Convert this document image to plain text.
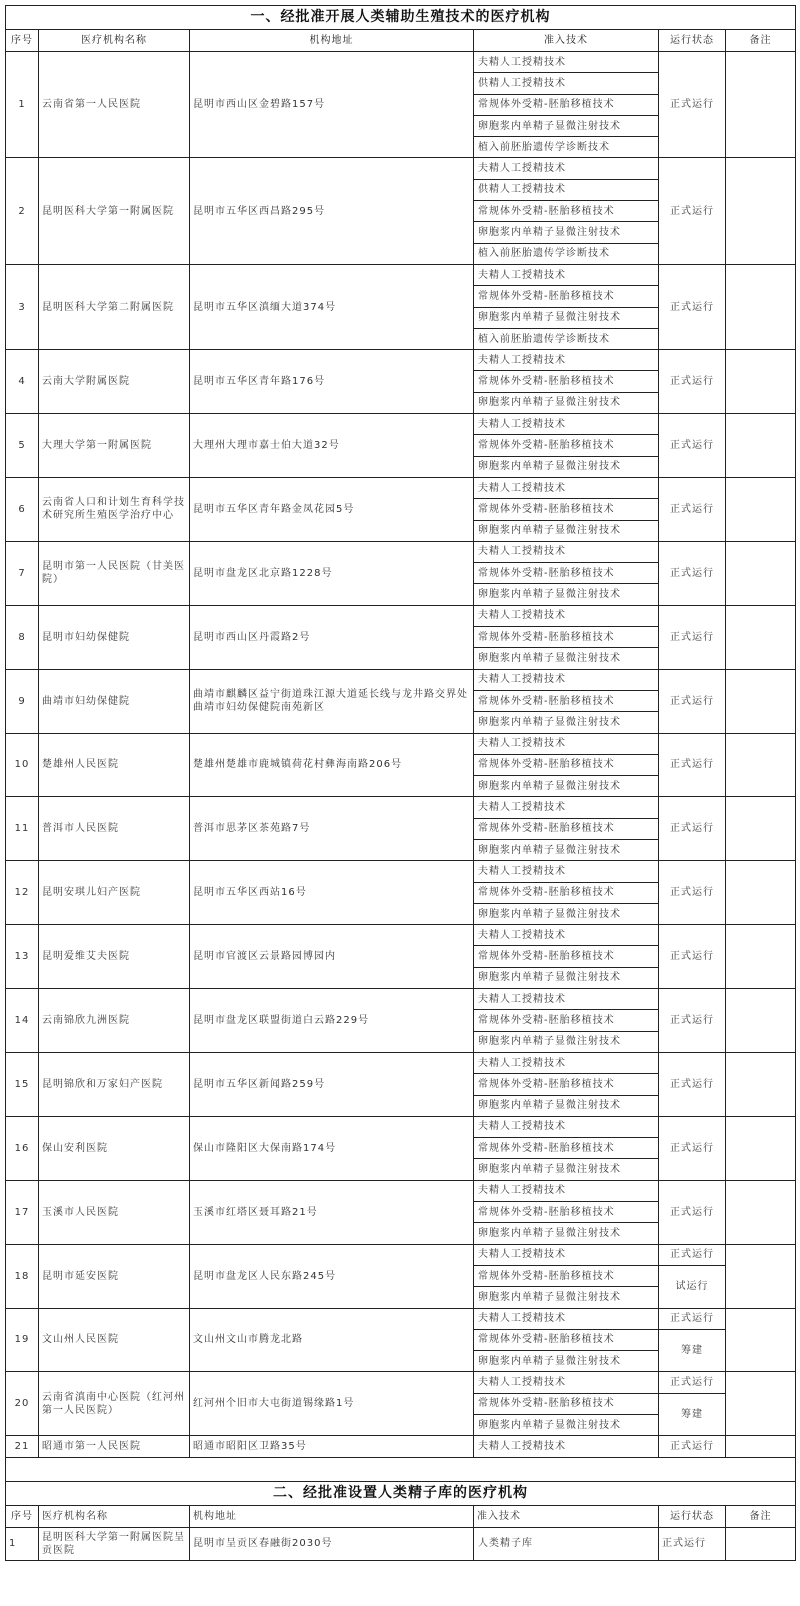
一、经批准开展人类辅助生殖技术的医疗机构					
序号	医疗机构名称	机构地址	准入技术	运行状态	备注
1	云南省第一人民医院	昆明市西山区金碧路157号	夫精人工授精技术	正式运行	
			供精人工授精技术		
			常规体外受精-胚胎移植技术		
			卵胞浆内单精子显微注射技术		
			植入前胚胎遗传学诊断技术		
2	昆明医科大学第一附属医院	昆明市五华区西昌路295号	夫精人工授精技术	正式运行	
			供精人工授精技术		
			常规体外受精-胚胎移植技术		
			卵胞浆内单精子显微注射技术		
			植入前胚胎遗传学诊断技术		
3	昆明医科大学第二附属医院	昆明市五华区滇缅大道374号	夫精人工授精技术	正式运行	
			常规体外受精-胚胎移植技术		
			卵胞浆内单精子显微注射技术		
			植入前胚胎遗传学诊断技术		
4	云南大学附属医院	昆明市五华区青年路176号	夫精人工授精技术	正式运行	
			常规体外受精-胚胎移植技术		
			卵胞浆内单精子显微注射技术		
5	大理大学第一附属医院	大理州大理市嘉士伯大道32号	夫精人工授精技术	正式运行	
			常规体外受精-胚胎移植技术		
			卵胞浆内单精子显微注射技术		
6	云南省人口和计划生育科学技术研究所生殖医学治疗中心	昆明市五华区青年路金凤花园5号	夫精人工授精技术	正式运行	
			常规体外受精-胚胎移植技术		
			卵胞浆内单精子显微注射技术		
7	昆明市第一人民医院（甘美医院）	昆明市盘龙区北京路1228号	夫精人工授精技术	正式运行	
			常规体外受精-胚胎移植技术		
			卵胞浆内单精子显微注射技术		
8	昆明市妇幼保健院	昆明市西山区丹霞路2号	夫精人工授精技术	正式运行	
			常规体外受精-胚胎移植技术		
			卵胞浆内单精子显微注射技术		
9	曲靖市妇幼保健院	曲靖市麒麟区益宁街道珠江源大道延长线与龙井路交界处 曲靖市妇幼保健院南苑新区	夫精人工授精技术	正式运行	
			常规体外受精-胚胎移植技术		
			卵胞浆内单精子显微注射技术		
10	楚雄州人民医院	楚雄州楚雄市鹿城镇荷花村彝海南路206号	夫精人工授精技术	正式运行	
			常规体外受精-胚胎移植技术		
			卵胞浆内单精子显微注射技术		
11	普洱市人民医院	普洱市思茅区茶苑路7号	夫精人工授精技术	正式运行	
			常规体外受精-胚胎移植技术		
			卵胞浆内单精子显微注射技术		
12	昆明安琪儿妇产医院	昆明市五华区西站16号	夫精人工授精技术	正式运行	
			常规体外受精-胚胎移植技术		
			卵胞浆内单精子显微注射技术		
13	昆明爱维艾夫医院	昆明市官渡区云景路园博园内	夫精人工授精技术	正式运行	
			常规体外受精-胚胎移植技术		
			卵胞浆内单精子显微注射技术		
14	云南锦欣九洲医院	昆明市盘龙区联盟街道白云路229号	夫精人工授精技术	正式运行	
			常规体外受精-胚胎移植技术		
			卵胞浆内单精子显微注射技术		
15	昆明锦欣和万家妇产医院	昆明市五华区新闻路259号	夫精人工授精技术	正式运行	
			常规体外受精-胚胎移植技术		
			卵胞浆内单精子显微注射技术		
16	保山安利医院	保山市隆阳区大保南路174号	夫精人工授精技术	正式运行	
			常规体外受精-胚胎移植技术		
			卵胞浆内单精子显微注射技术		
17	玉溪市人民医院	玉溪市红塔区聂耳路21号	夫精人工授精技术	正式运行	
			常规体外受精-胚胎移植技术		
			卵胞浆内单精子显微注射技术		
18	昆明市延安医院	昆明市盘龙区人民东路245号	夫精人工授精技术	正式运行	
			常规体外受精-胚胎移植技术	试运行	
			卵胞浆内单精子显微注射技术		
19	文山州人民医院	文山州文山市腾龙北路	夫精人工授精技术	正式运行	
			常规体外受精-胚胎移植技术	筹建	
			卵胞浆内单精子显微注射技术		
20	云南省滇南中心医院（红河州第一人民医院）	红河州个旧市大屯街道锡缘路1号	夫精人工授精技术	正式运行	
			常规体外受精-胚胎移植技术	筹建	
			卵胞浆内单精子显微注射技术		
21	昭通市第一人民医院	昭通市昭阳区卫路35号	夫精人工授精技术	正式运行	

二、经批准设置人类精子库的医疗机构					
序号	医疗机构名称	机构地址	准入技术	运行状态	备注
1	昆明医科大学第一附属医院呈贡医院	昆明市呈贡区春融街2030号	人类精子库	正式运行	
